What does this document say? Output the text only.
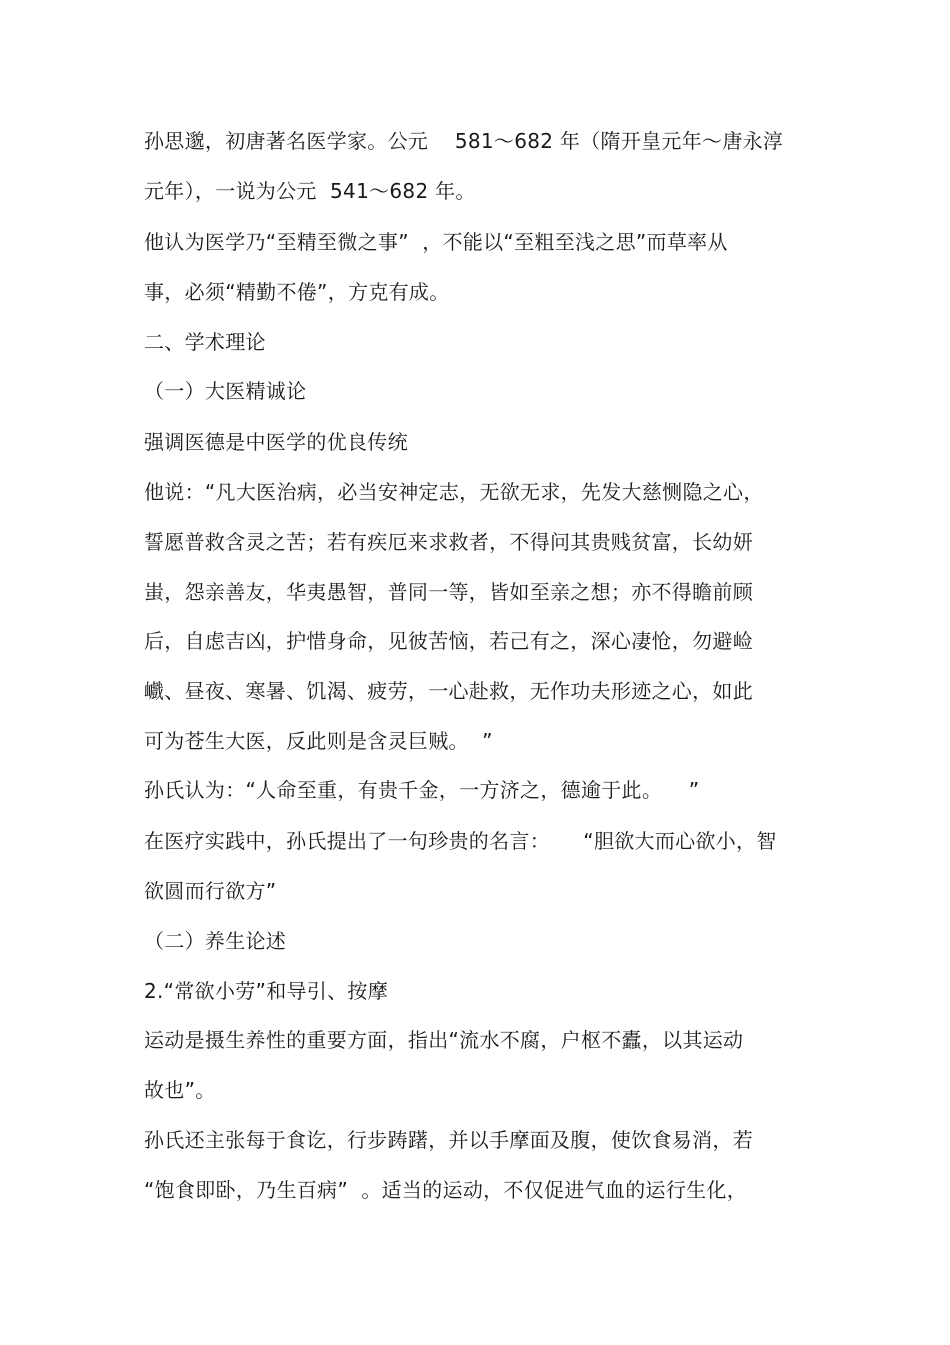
孙思邈，初唐著名医学家。公元    581～682 年（隋开皇元年～唐永淳

元年），一说为公元  541～682 年。

他认为医学乃“至精至微之事”  ，不能以“至粗至浅之思”而草率从

事，必须“精勤不倦”，方克有成。

二、学术理论

（一）大医精诚论

强调医德是中医学的优良传统

他说：“凡大医治病，必当安神定志，无欲无求，先发大慈恻隐之心，

誓愿普救含灵之苦；若有疾厄来求救者，不得问其贵贱贫富，长幼妍

蚩，怨亲善友，华夷愚智，普同一等，皆如至亲之想；亦不得瞻前顾

后，自虑吉凶，护惜身命，见彼苦恼，若己有之，深心凄怆，勿避崄

巇、昼夜、寒暑、饥渴、疲劳，一心赴救，无作功夫形迹之心，如此

可为苍生大医，反此则是含灵巨贼。  ”

孙氏认为：“人命至重，有贵千金，一方济之，德逾于此。    ”

在医疗实践中，孙氏提出了一句珍贵的名言：     “胆欲大而心欲小，智

欲圆而行欲方”

（二）养生论述

2.“常欲小劳”和导引、按摩

运动是摄生养性的重要方面，指出“流水不腐，户枢不蠹，以其运动

故也”。

孙氏还主张每于食讫，行步踌躇，并以手摩面及腹，使饮食易消，若

“饱食即卧，乃生百病”  。适当的运动，不仅促进气血的运行生化，
